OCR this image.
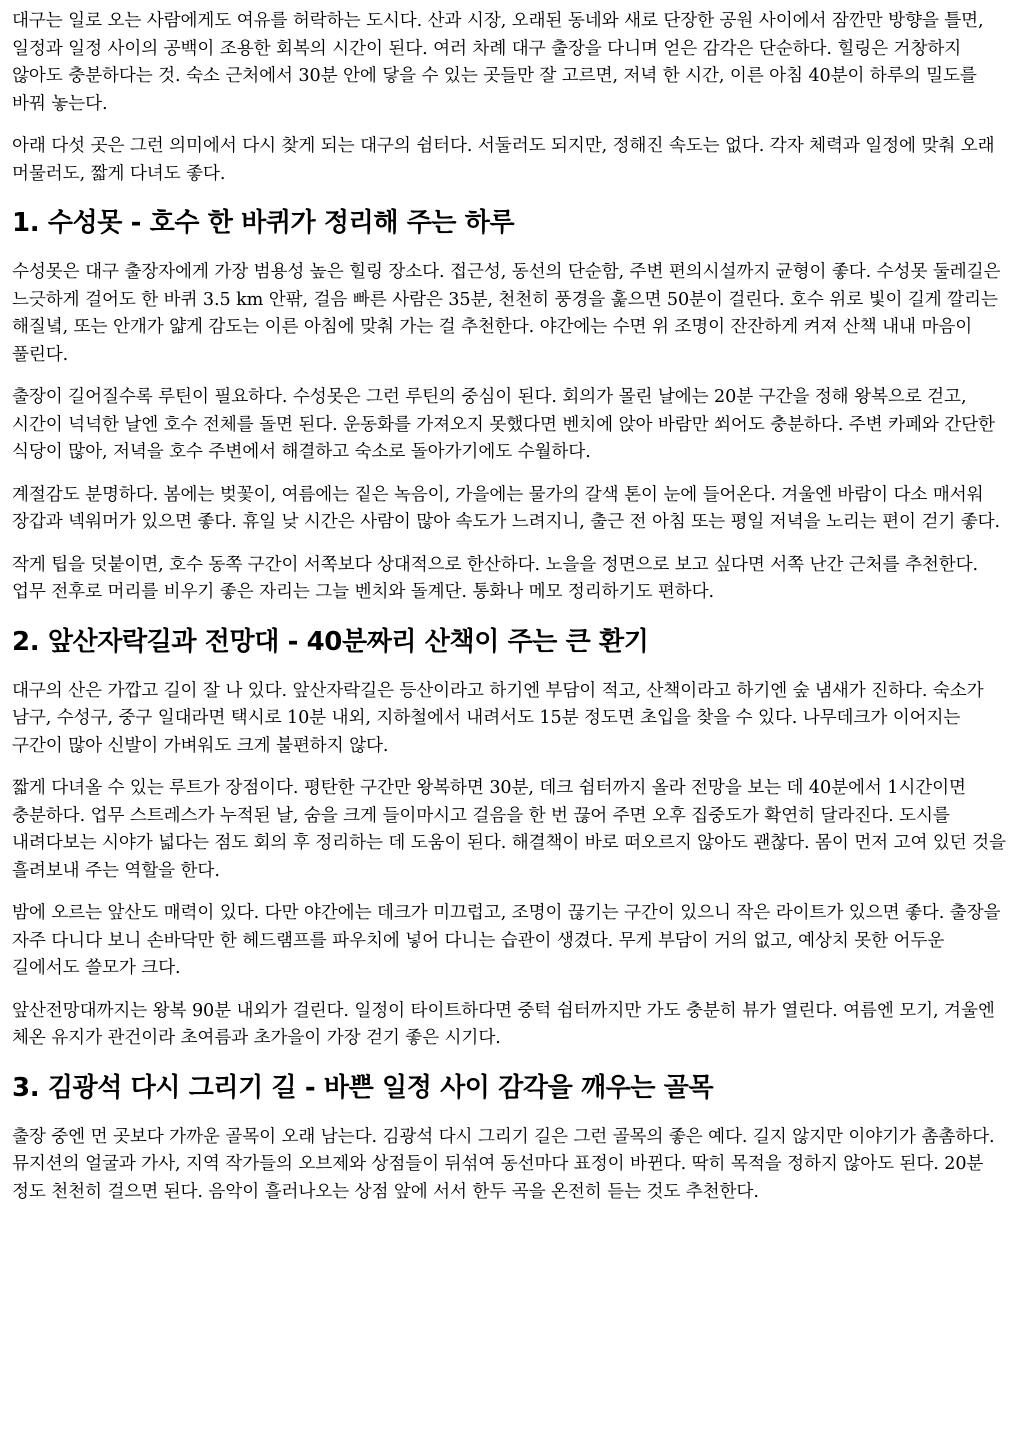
대구는 일로 오는 사람에게도 여유를 허락하는 도시다. 산과 시장, 오래된 동네와 새로 단장한 공원 사이에서 잠깐만 방향을 틀면, 일정과 일정 사이의 공백이 조용한 회복의 시간이 된다. 여러 차례 대구 출장을 다니며 얻은 감각은 단순하다. 힐링은 거창하지 않아도 충분하다는 것. 숙소 근처에서 30분 안에 닿을 수 있는 곳들만 잘 고르면, 저녁 한 시간, 이른 아침 40분이 하루의 밀도를 바꿔 놓는다.

아래 다섯 곳은 그런 의미에서 다시 찾게 되는 대구의 쉼터다. 서둘러도 되지만, 정해진 속도는 없다. 각자 체력과 일정에 맞춰 오래 머물러도, 짧게 다녀도 좋다.

1. 수성못 - 호수 한 바퀴가 정리해 주는 하루

수성못은 대구 출장자에게 가장 범용성 높은 힐링 장소다. 접근성, 동선의 단순함, 주변 편의시설까지 균형이 좋다. 수성못 둘레길은 느긋하게 걸어도 한 바퀴 3.5 km 안팎, 걸음 빠른 사람은 35분, 천천히 풍경을 훑으면 50분이 걸린다. 호수 위로 빛이 길게 깔리는 해질녘, 또는 안개가 얇게 감도는 이른 아침에 맞춰 가는 걸 추천한다. 야간에는 수면 위 조명이 잔잔하게 켜져 산책 내내 마음이 풀린다.

출장이 길어질수록 루틴이 필요하다. 수성못은 그런 루틴의 중심이 된다. 회의가 몰린 날에는 20분 구간을 정해 왕복으로 걷고, 시간이 넉넉한 날엔 호수 전체를 돌면 된다. 운동화를 가져오지 못했다면 벤치에 앉아 바람만 쐬어도 충분하다. 주변 카페와 간단한 식당이 많아, 저녁을 호수 주변에서 해결하고 숙소로 돌아가기에도 수월하다.

계절감도 분명하다. 봄에는 벚꽃이, 여름에는 짙은 녹음이, 가을에는 물가의 갈색 톤이 눈에 들어온다. 겨울엔 바람이 다소 매서워 장갑과 넥워머가 있으면 좋다. 휴일 낮 시간은 사람이 많아 속도가 느려지니, 출근 전 아침 또는 평일 저녁을 노리는 편이 걷기 좋다.

작게 팁을 덧붙이면, 호수 동쪽 구간이 서쪽보다 상대적으로 한산하다. 노을을 정면으로 보고 싶다면 서쪽 난간 근처를 추천한다. 업무 전후로 머리를 비우기 좋은 자리는 그늘 벤치와 돌계단. 통화나 메모 정리하기도 편하다.

2. 앞산자락길과 전망대 - 40분짜리 산책이 주는 큰 환기

대구의 산은 가깝고 길이 잘 나 있다. 앞산자락길은 등산이라고 하기엔 부담이 적고, 산책이라고 하기엔 숲 냄새가 진하다. 숙소가 남구, 수성구, 중구 일대라면 택시로 10분 내외, 지하철에서 내려서도 15분 정도면 초입을 찾을 수 있다. 나무데크가 이어지는 구간이 많아 신발이 가벼워도 크게 불편하지 않다.

짧게 다녀올 수 있는 루트가 장점이다. 평탄한 구간만 왕복하면 30분, 데크 쉼터까지 올라 전망을 보는 데 40분에서 1시간이면 충분하다. 업무 스트레스가 누적된 날, 숨을 크게 들이마시고 걸음을 한 번 끊어 주면 오후 집중도가 확연히 달라진다. 도시를 내려다보는 시야가 넓다는 점도 회의 후 정리하는 데 도움이 된다. 해결책이 바로 떠오르지 않아도 괜찮다. 몸이 먼저 고여 있던 것을 흘려보내 주는 역할을 한다.

밤에 오르는 앞산도 매력이 있다. 다만 야간에는 데크가 미끄럽고, 조명이 끊기는 구간이 있으니 작은 라이트가 있으면 좋다. 출장을 자주 다니다 보니 손바닥만 한 헤드램프를 파우치에 넣어 다니는 습관이 생겼다. 무게 부담이 거의 없고, 예상치 못한 어두운 길에서도 쓸모가 크다.

앞산전망대까지는 왕복 90분 내외가 걸린다. 일정이 타이트하다면 중턱 쉼터까지만 가도 충분히 뷰가 열린다. 여름엔 모기, 겨울엔 체온 유지가 관건이라 초여름과 초가을이 가장 걷기 좋은 시기다.

3. 김광석 다시 그리기 길 - 바쁜 일정 사이 감각을 깨우는 골목

출장 중엔 먼 곳보다 가까운 골목이 오래 남는다. 김광석 다시 그리기 길은 그런 골목의 좋은 예다. 길지 않지만 이야기가 촘촘하다. 뮤지션의 얼굴과 가사, 지역 작가들의 오브제와 상점들이 뒤섞여 동선마다 표정이 바뀐다. 딱히 목적을 정하지 않아도 된다. 20분 정도 천천히 걸으면 된다. 음악이 흘러나오는 상점 앞에 서서 한두 곡을 온전히 듣는 것도 추천한다.
